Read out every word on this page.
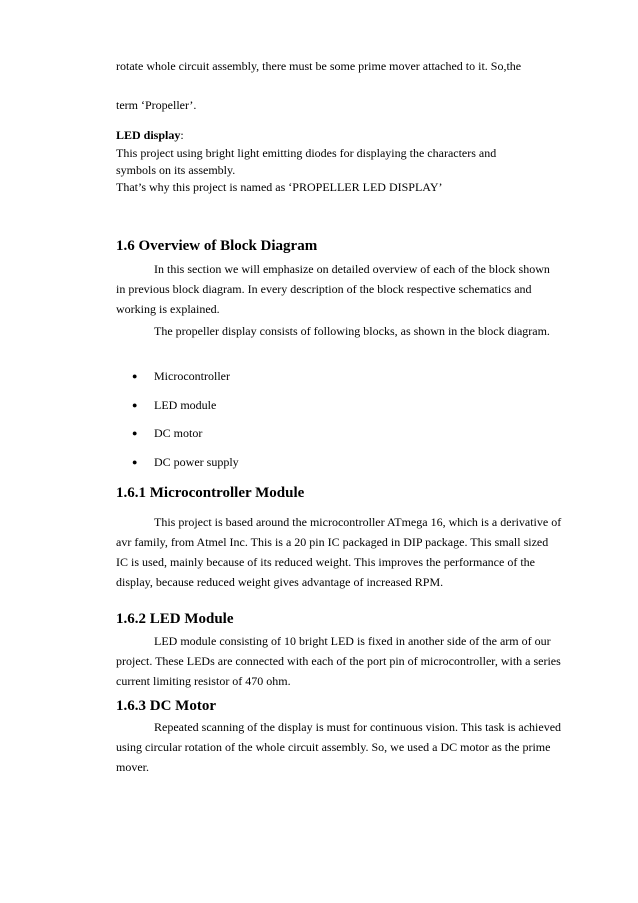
rotate whole circuit assembly, there must be some prime mover attached to it. So,the
term ‘Propeller’.
LED display:
This project using bright light emitting diodes for displaying the characters and
symbols on its assembly.
That’s why this project is named as ‘PROPELLER LED DISPLAY’
1.6 Overview of Block Diagram
In this section we will emphasize on detailed overview of each of the block shown in previous block diagram. In every description of the block respective schematics and working is explained.
The propeller display consists of following blocks, as shown in the block diagram.
● Microcontroller
● LED module
● DC motor
● DC power supply
1.6.1 Microcontroller Module
This project is based around the microcontroller ATmega 16, which is a derivative of avr family, from Atmel Inc. This is a 20 pin IC packaged in DIP package. This small sized IC is used, mainly because of its reduced weight. This improves the performance of the display, because reduced weight gives advantage of increased RPM.
1.6.2 LED Module
LED module consisting of 10 bright LED is fixed in another side of the arm of our project. These LEDs are connected with each of the port pin of microcontroller, with a series current limiting resistor of 470 ohm.
1.6.3 DC Motor
Repeated scanning of the display is must for continuous vision. This task is achieved using circular rotation of the whole circuit assembly. So, we used a DC motor as the prime mover.
